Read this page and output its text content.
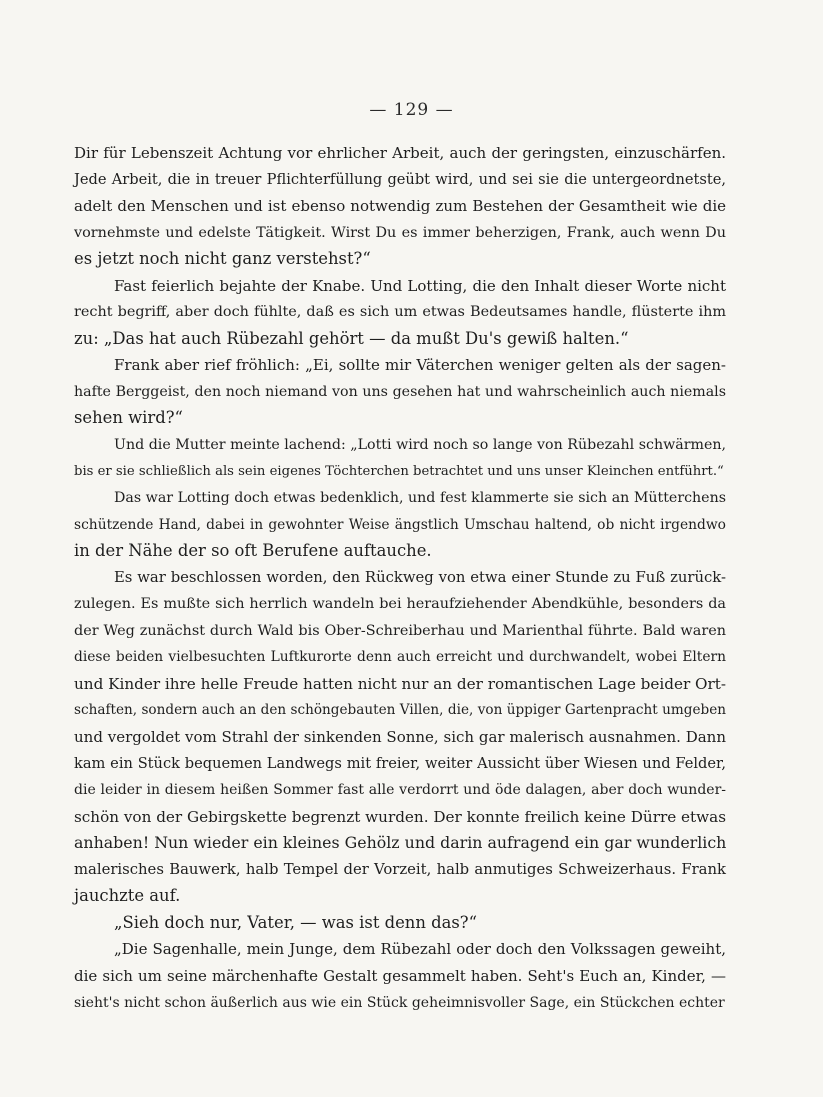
— 129 —
Dir für Lebenszeit Achtung vor ehrlicher Arbeit, auch der geringsten, einzuschärfen.
Jede Arbeit, die in treuer Pflichterfüllung geübt wird, und sei sie die untergeordnetste,
adelt den Menschen und ist ebenso notwendig zum Bestehen der Gesamtheit wie die
vornehmste und edelste Tätigkeit. Wirst Du es immer beherzigen, Frank, auch wenn Du
es jetzt noch nicht ganz verstehst?“
Fast feierlich bejahte der Knabe. Und Lotting, die den Inhalt dieser Worte nicht
recht begriff, aber doch fühlte, daß es sich um etwas Bedeutsames handle, flüsterte ihm
zu: „Das hat auch Rübezahl gehört — da mußt Du's gewiß halten.“
Frank aber rief fröhlich: „Ei, sollte mir Väterchen weniger gelten als der sagen-
hafte Berggeist, den noch niemand von uns gesehen hat und wahrscheinlich auch niemals
sehen wird?“
Und die Mutter meinte lachend: „Lotti wird noch so lange von Rübezahl schwärmen,
bis er sie schließlich als sein eigenes Töchterchen betrachtet und uns unser Kleinchen entführt.“
Das war Lotting doch etwas bedenklich, und fest klammerte sie sich an Mütterchens
schützende Hand, dabei in gewohnter Weise ängstlich Umschau haltend, ob nicht irgendwo
in der Nähe der so oft Berufene auftauche.
Es war beschlossen worden, den Rückweg von etwa einer Stunde zu Fuß zurück-
zulegen. Es mußte sich herrlich wandeln bei heraufziehender Abendkühle, besonders da
der Weg zunächst durch Wald bis Ober-Schreiberhau und Marienthal führte. Bald waren
diese beiden vielbesuchten Luftkurorte denn auch erreicht und durchwandelt, wobei Eltern
und Kinder ihre helle Freude hatten nicht nur an der romantischen Lage beider Ort-
schaften, sondern auch an den schöngebauten Villen, die, von üppiger Gartenpracht umgeben
und vergoldet vom Strahl der sinkenden Sonne, sich gar malerisch ausnahmen. Dann
kam ein Stück bequemen Landwegs mit freier, weiter Aussicht über Wiesen und Felder,
die leider in diesem heißen Sommer fast alle verdorrt und öde dalagen, aber doch wunder-
schön von der Gebirgskette begrenzt wurden. Der konnte freilich keine Dürre etwas
anhaben! Nun wieder ein kleines Gehölz und darin aufragend ein gar wunderlich
malerisches Bauwerk, halb Tempel der Vorzeit, halb anmutiges Schweizerhaus. Frank
jauchzte auf.
„Sieh doch nur, Vater, — was ist denn das?“
„Die Sagenhalle, mein Junge, dem Rübezahl oder doch den Volkssagen geweiht,
die sich um seine märchenhafte Gestalt gesammelt haben. Seht's Euch an, Kinder, —
sieht's nicht schon äußerlich aus wie ein Stück geheimnisvoller Sage, ein Stückchen echter
